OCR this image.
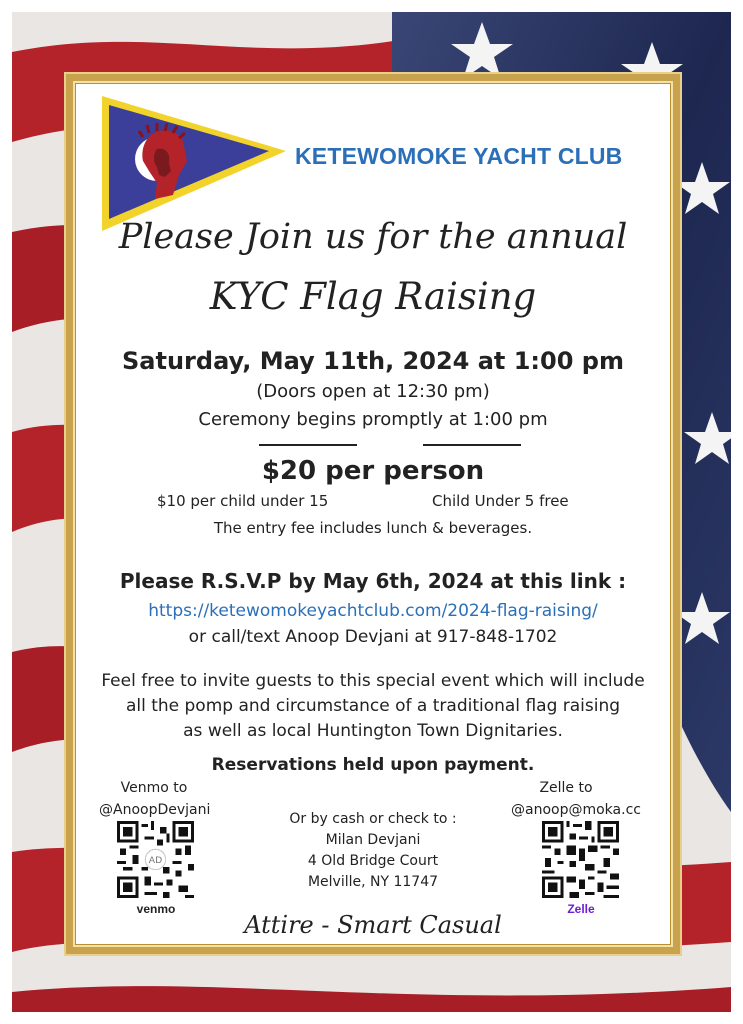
KETEWOMOKE YACHT CLUB
Please Join us for the annual
KYC Flag Raising
Saturday, May 11th, 2024 at 1:00 pm
(Doors open at 12:30 pm)
Ceremony begins promptly at 1:00 pm
$20 per person
$10 per child under 15	Child Under 5 free
The entry fee includes lunch & beverages.
Please R.S.V.P by May 6th, 2024 at this link :
https://ketewomokeyachtclub.com/2024-flag-raising/
or call/text Anoop Devjani at 917-848-1702
Feel free to invite guests to this special event which will include
all the pomp and circumstance of a traditional flag raising
as well as local Huntington Town Dignitaries.
Reservations held upon payment.
Venmo to
@AnoopDevjani
AD
venmo
Or by cash or check to :
Milan Devjani
4 Old Bridge Court
Melville, NY 11747
Zelle to
@anoop@moka.cc
Zelle
Attire - Smart Casual
